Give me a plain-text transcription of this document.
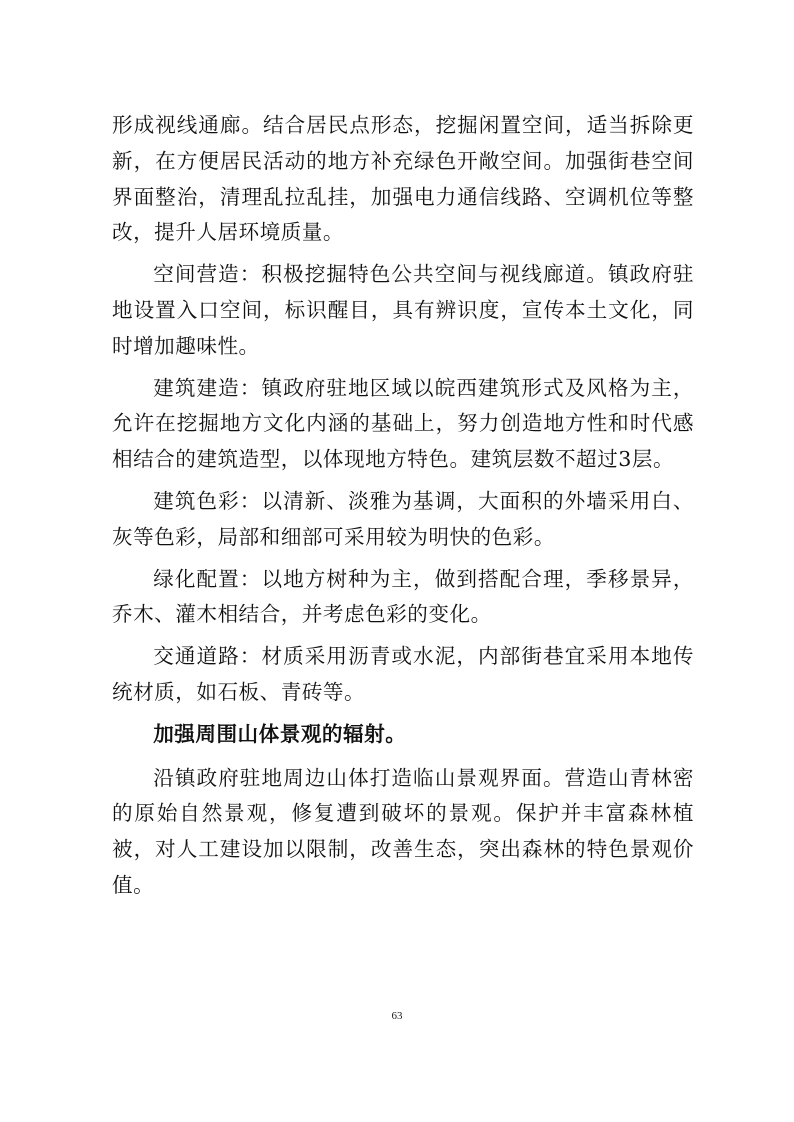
形成视线通廊。结合居民点形态，挖掘闲置空间，适当拆除更新，在方便居民活动的地方补充绿色开敞空间。加强街巷空间界面整治，清理乱拉乱挂，加强电力通信线路、空调机位等整改，提升人居环境质量。

空间营造：积极挖掘特色公共空间与视线廊道。镇政府驻地设置入口空间，标识醒目，具有辨识度，宣传本土文化，同时增加趣味性。

建筑建造：镇政府驻地区域以皖西建筑形式及风格为主，允许在挖掘地方文化内涵的基础上，努力创造地方性和时代感相结合的建筑造型，以体现地方特色。建筑层数不超过3层。

建筑色彩：以清新、淡雅为基调，大面积的外墙采用白、灰等色彩，局部和细部可采用较为明快的色彩。

绿化配置：以地方树种为主，做到搭配合理，季移景异，乔木、灌木相结合，并考虑色彩的变化。

交通道路：材质采用沥青或水泥，内部街巷宜采用本地传统材质，如石板、青砖等。

加强周围山体景观的辐射。

沿镇政府驻地周边山体打造临山景观界面。营造山青林密的原始自然景观，修复遭到破坏的景观。保护并丰富森林植被，对人工建设加以限制，改善生态，突出森林的特色景观价值。

63
